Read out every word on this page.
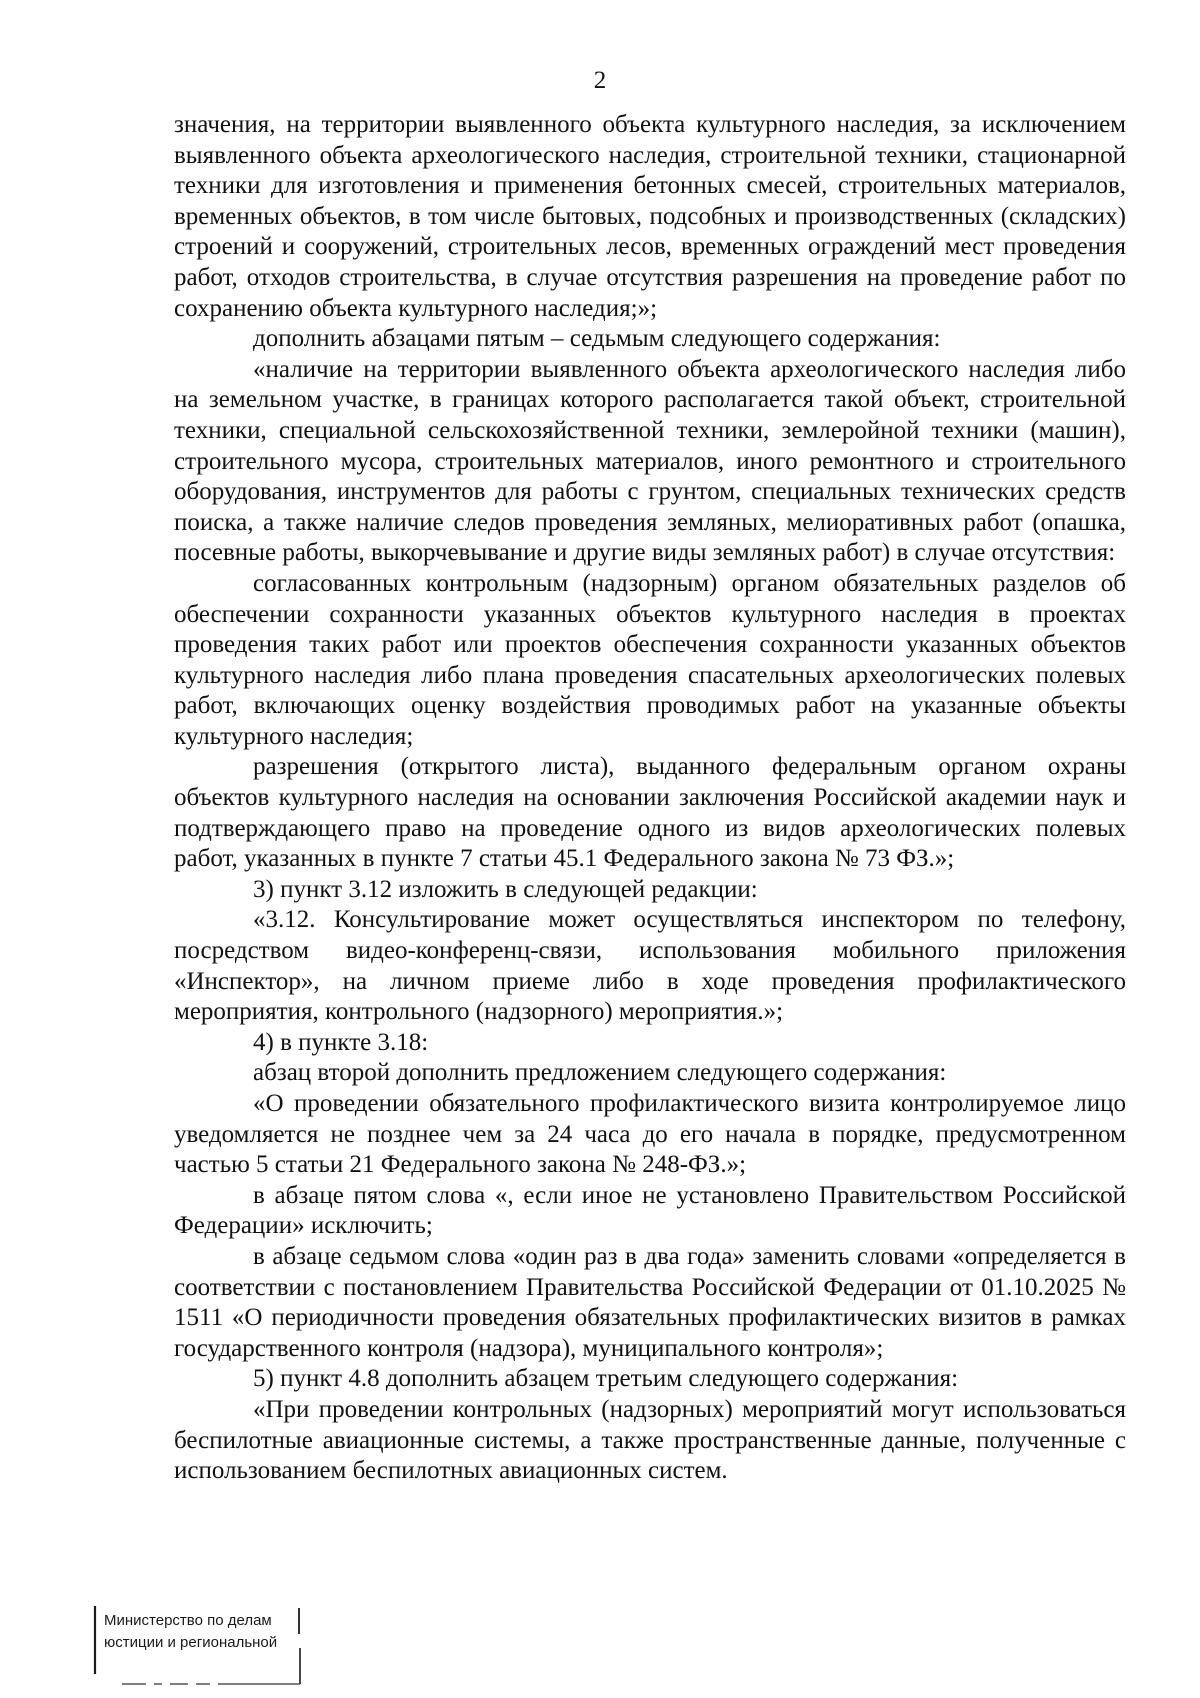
2

значения, на территории выявленного объекта культурного наследия, за исключением выявленного объекта археологического наследия, строительной техники, стационарной техники для изготовления и применения бетонных смесей, строительных материалов, временных объектов, в том числе бытовых, подсобных и производственных (складских) строений и сооружений, строительных лесов, временных ограждений мест проведения работ, отходов строительства, в случае отсутствия разрешения на проведение работ по сохранению объекта культурного наследия;»;

дополнить абзацами пятым – седьмым следующего содержания:

«наличие на территории выявленного объекта археологического наследия либо на земельном участке, в границах которого располагается такой объект, строительной техники, специальной сельскохозяйственной техники, землеройной техники (машин), строительного мусора, строительных материалов, иного ремонтного и строительного оборудования, инструментов для работы с грунтом, специальных технических средств поиска, а также наличие следов проведения земляных, мелиоративных работ (опашка, посевные работы, выкорчевывание и другие виды земляных работ) в случае отсутствия:

согласованных контрольным (надзорным) органом обязательных разделов об обеспечении сохранности указанных объектов культурного наследия в проектах проведения таких работ или проектов обеспечения сохранности указанных объектов культурного наследия либо плана проведения спасательных археологических полевых работ, включающих оценку воздействия проводимых работ на указанные объекты культурного наследия;

разрешения (открытого листа), выданного федеральным органом охраны объектов культурного наследия на основании заключения Российской академии наук и подтверждающего право на проведение одного из видов археологических полевых работ, указанных в пункте 7 статьи 45.1 Федерального закона № 73 ФЗ.»;

3) пункт 3.12 изложить в следующей редакции:

«3.12. Консультирование может осуществляться инспектором по телефону, посредством видео-конференц-связи, использования мобильного приложения «Инспектор», на личном приеме либо в ходе проведения профилактического мероприятия, контрольного (надзорного) мероприятия.»;

4) в пункте 3.18:

абзац второй дополнить предложением следующего содержания:

«О проведении обязательного профилактического визита контролируемое лицо уведомляется не позднее чем за 24 часа до его начала в порядке, предусмотренном частью 5 статьи 21 Федерального закона № 248-ФЗ.»;

в абзаце пятом слова «, если иное не установлено Правительством Российской Федерации» исключить;

в абзаце седьмом слова «один раз в два года» заменить словами «определяется в соответствии с постановлением Правительства Российской Федерации от 01.10.2025 № 1511 «О периодичности проведения обязательных профилактических визитов в рамках государственного контроля (надзора), муниципального контроля»;

5) пункт 4.8 дополнить абзацем третьим следующего содержания:

«При проведении контрольных (надзорных) мероприятий могут использоваться беспилотные авиационные системы, а также пространственные данные, полученные с использованием беспилотных авиационных систем.

Министерство по делам
юстиции и региональной
